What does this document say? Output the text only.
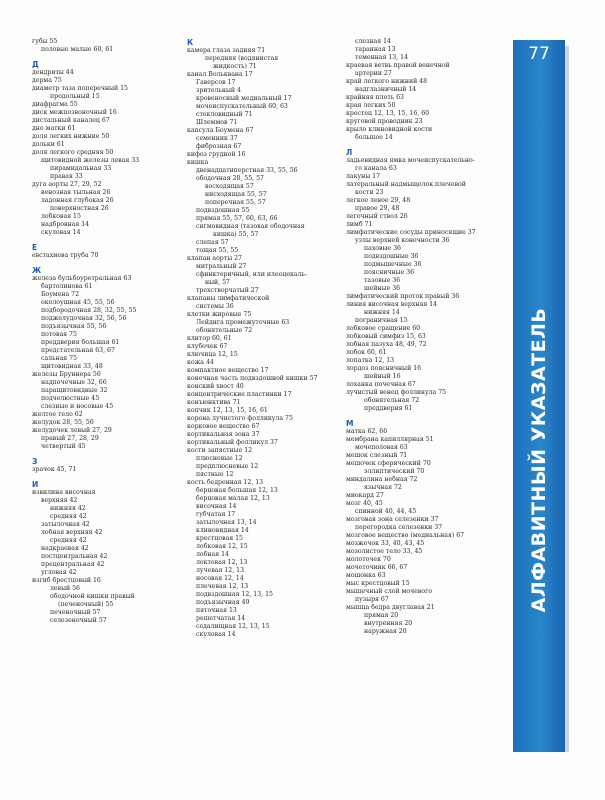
77
АЛФАВИТНЫЙ УКАЗАТЕЛЬ
губы 55
половые малые 60, 61
Д
дендриты 44
дерма 75
диаметр таза поперечный 15
продольный 15
диафрагма 55
диск межпозвоночный 16
дистальный каналец 67
дно матки 61
доля легких нижние 50
дольки 61
доля легкого средняя 50
щитовидной железы левая 33
пирамидальная 33
правая 33
дуга аорты 27, 29, 52
венозная тыльная 26
ладонная глубокая 26
поверхностная 26
лобковая 15
надбровная 14
скуловая 14
Е
евстахиева труба 70
Ж
железа бульбоуретральная 63
бартолинова 61
Боумена 72
околоушная 45, 55, 56
подбородочная 28, 32, 55, 55
поджелудочная 32, 56, 56
подъязычная 55, 56
потовая 75
преддверия большая 61
предстательная 63, 67
сальная 75
щитовидная 33, 48
железы Бруннера 56
надпочечные 32, 66
паращитовидные 32
подчелюстные 45
слезные и носовые 45
желтое тело 62
желудок 28, 55, 56
желудочек левый 27, 29
правый 27, 28, 29
четвертый 45
З
зрачок 45, 71
И
извилина височная
верхняя 42
нижняя 42
средняя 42
затылочная 42
лобная верхняя 42
средняя 42
надкраевая 42
постцентральная 42
прецентральная 42
угловая 42
изгиб брестцовый 16
левый 56
ободочной кишки правый
(печеночный) 55
печеночный 57
селезеночный 57
К
камера глаза задняя 71
передняя (водянистая
жидкость) 71
канал Вольквана 17
Гаверсов 17
зрительный 4
кровеносный медиальный 17
мочеиспускательный 60, 63
стекловидный 71
Шлеммов 71
капсула Боумена 67
семенник 37
фиброзная 67
кифоз грудной 16
кишка
двенадцатиперстная 33, 55, 56
ободочная 28, 55, 57
восходящая 57
нисходящая 55, 57
поперечная 55, 57
подвздошная 55
прямая 55, 57, 60, 63, 66
сигмовидная (тазовая ободочная
кишка) 55, 57
слепая 57
тощая 55, 55
клапан аорты 27
митральный 27
сфинктеричный, или илеоцекаль-
ный, 57
трехстворчатый 27
клапаны лимфатической
системы 36
клетки жировые 75
Лейдига промежуточные 63
обонятельные 72
клитор 60, 61
клубочек 67
ключица 12, 15
кожа 44
компактное вещество 17
конечная часть подвздошной кишки 57
конский хвост 40
концентрические пластинки 17
конъюнктива 71
копчик 12, 13, 15, 16, 61
корона лучистого фолликула 75
корковое вещество 67
кортикальная зона 37
кортикальный фолликул 37
кости запястные 12
плюсневые 12
предплюсневые 12
пястные 12
кость бедренная 12, 13
берцовая большая 12, 13
берцовая малая 12, 13
височная 14
губчатая 17
затылочная 13, 14
клиновидная 14
крестцовая 15
лобковая 12, 15
лобная 14
локтевая 12, 13
лучевая 12, 13
носовая 12, 14
плечевая 12, 13
подвздошная 12, 13, 15
подъязычная 49
пяточная 13
решетчатая 14
седалищная 12, 13, 15
скуловая 14
слезная 14
таранная 13
теменная 13, 14
краевая ветвь правой венечной
артерии 27
край легкого нижний 48
надглазничный 14
крайняя плоть 63
края легких 50
крестец 12, 13, 15, 16, 60
круговой проводник 23
крыло клиновидной кости
большое 14
Л
ладьевидная ямка мочеиспускательно-
го канала 63
лакуны 17
латеральный надмыщелок плечевой
кости 23
легкое левое 29, 48
правое 29, 48
легочный ствол 26
лимб 71
лимфатические сосуды приносящие 37
узлы верхней конечности 36
паховые 36
подвздошные 36
подмышечные 36
поясничные 36
тазовые 36
шейные 36
лимфатический проток правый 36
линия височная верхняя 14
нижняя 14
пограничная 15
лобковое сращение 60
лобковый симфиз 15, 63
лобная пазуха 48, 49, 72
лобок 60, 61
лопатка 12, 13
лордоз поясничный 16
шейный 16
лоханка почечная 67
лучистый венец фолликула 75
обонятельная 72
преддверия 61
М
матка 62, 66
мембрана капиллярная 51
мочеполовая 63
мешок слезный 71
мешочек сферический 70
эллиптический 70
миндалина небная 72
язычная 72
миокард 27
мозг 40, 45
спинной 40, 44, 45
мозговая зона селезенки 37
перегородка селезенки 37
мозговое вещество (медиальная) 67
мозжечок 33, 40, 43, 45
мозолистое тело 33, 45
молоточек 70
мочеточник 66, 67
мошонка 63
мыс крестцовый 15
мышечный слой мочевого
пузыря 67
мышца бедра двуглавая 21
прямая 20
внутренняя 20
наружная 20
